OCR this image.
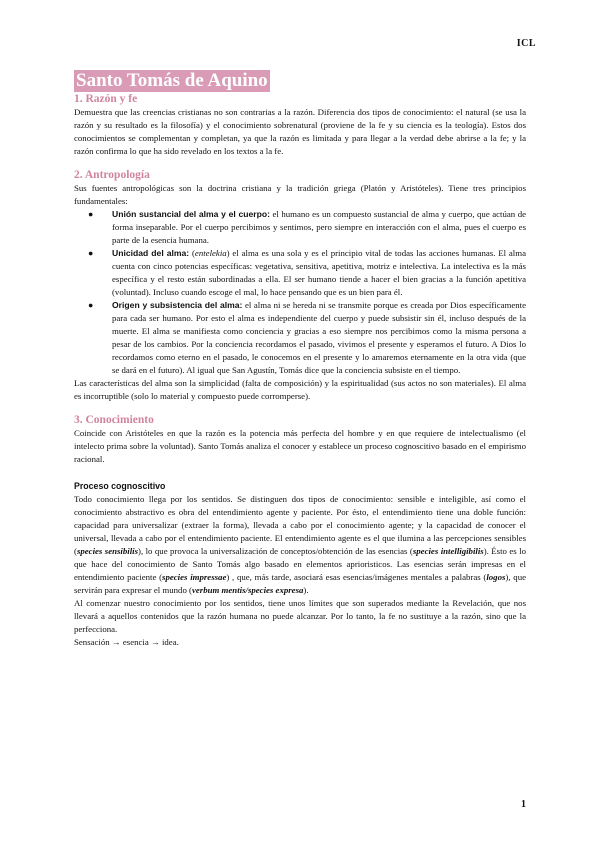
ICL
Santo Tomás de Aquino
1. Razón y fe

Demuestra que las creencias cristianas no son contrarias a la razón. Diferencia dos tipos de conocimiento: el natural (se usa la razón y su resultado es la filosofía) y el conocimiento sobrenatural (proviene de la fe y su ciencia es la teología). Estos dos conocimientos se complementan y completan, ya que la razón es limitada y para llegar a la verdad debe abrirse a la fe; y la razón confirma lo que ha sido revelado en los textos a la fe.

2. Antropología

Sus fuentes antropológicas son la doctrina cristiana y la tradición griega (Platón y Aristóteles). Tiene tres principios fundamentales:

● Unión sustancial del alma y el cuerpo: el humano es un compuesto sustancial de alma y cuerpo, que actúan de forma inseparable. Por el cuerpo percibimos y sentimos, pero siempre en interacción con el alma, pues el cuerpo es parte de la esencia humana.
● Unicidad del alma: (entelekia) el alma es una sola y es el principio vital de todas las acciones humanas. El alma cuenta con cinco potencias específicas: vegetativa, sensitiva, apetitiva, motriz e intelectiva. La intelectiva es la más específica y el resto están subordinadas a ella. El ser humano tiende a hacer el bien gracias a la función apetitiva (voluntad). Incluso cuando escoge el mal, lo hace pensando que es un bien para él.
● Origen y subsistencia del alma: el alma ni se hereda ni se transmite porque es creada por Dios específicamente para cada ser humano. Por esto el alma es independiente del cuerpo y puede subsistir sin él, incluso después de la muerte. El alma se manifiesta como conciencia y gracias a eso siempre nos percibimos como la misma persona a pesar de los cambios. Por la conciencia recordamos el pasado, vivimos el presente y esperamos el futuro. A Dios lo recordamos como eterno en el pasado, le conocemos en el presente y lo amaremos eternamente en la otra vida (que se dará en el futuro). Al igual que San Agustín, Tomás dice que la conciencia subsiste en el tiempo.

Las características del alma son la simplicidad (falta de composición) y la espiritualidad (sus actos no son materiales). El alma es incorruptible (solo lo material y compuesto puede corromperse).

3. Conocimiento

Coincide con Aristóteles en que la razón es la potencia más perfecta del hombre y en que requiere de intelectualismo (el intelecto prima sobre la voluntad). Santo Tomás analiza el conocer y establece un proceso cognoscitivo basado en el empirismo racional.

Proceso cognoscitivo

Todo conocimiento llega por los sentidos. Se distinguen dos tipos de conocimiento: sensible e inteligible, así como el conocimiento abstractivo es obra del entendimiento agente y paciente. Por ésto, el entendimiento tiene una doble función: capacidad para universalizar (extraer la forma), llevada a cabo por el conocimiento agente; y la capacidad de conocer el universal, llevada a cabo por el entendimiento paciente. El entendimiento agente es el que ilumina a las percepciones sensibles (species sensibilis), lo que provoca la universalización de conceptos/obtención de las esencias (species intelligibilis). Ésto es lo que hace del conocimiento de Santo Tomás algo basado en elementos aprioristicos. Las esencias serán impresas en el entendimiento paciente (species impressae) , que, más tarde, asociará esas esencias/imágenes mentales a palabras (logos), que servirán para expresar el mundo (verbum mentis/species expresa).

Al comenzar nuestro conocimiento por los sentidos, tiene unos límites que son superados mediante la Revelación, que nos llevará a aquellos contenidos que la razón humana no puede alcanzar. Por lo tanto, la fe no sustituye a la razón, sino que la perfecciona.

Sensación → esencia → idea.

1
